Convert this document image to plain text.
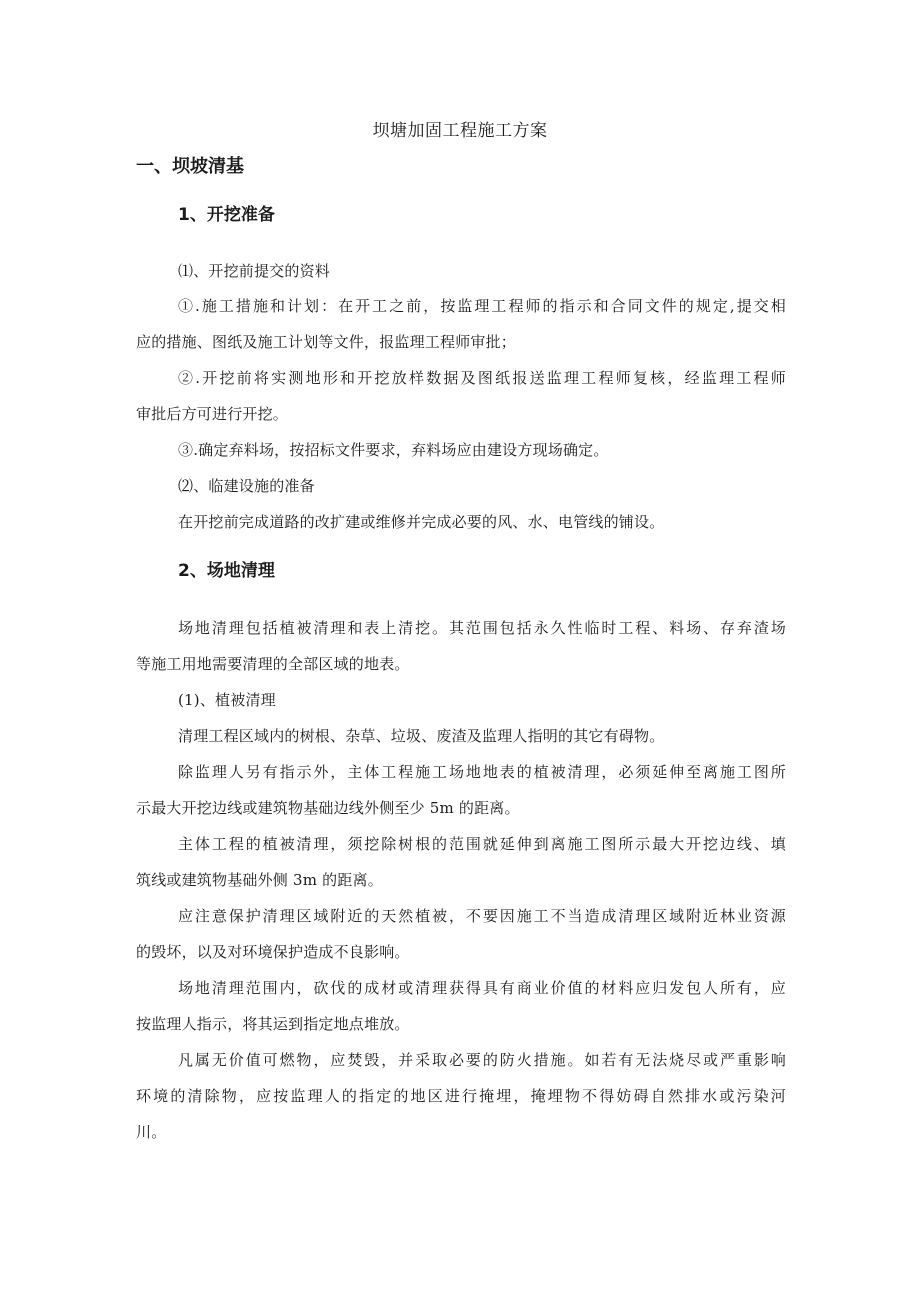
坝塘加固工程施工方案
一、坝坡清基
1、开挖准备
⑴、开挖前提交的资料
①.施工措施和计划：在开工之前，按监理工程师的指示和合同文件的规定,提交相
应的措施、图纸及施工计划等文件，报监理工程师审批；
②.开挖前将实测地形和开挖放样数据及图纸报送监理工程师复核，经监理工程师
审批后方可进行开挖。
③.确定弃料场，按招标文件要求，弃料场应由建设方现场确定。
⑵、临建设施的准备
在开挖前完成道路的改扩建或维修并完成必要的风、水、电管线的铺设。
2、场地清理
场地清理包括植被清理和表上清挖。其范围包括永久性临时工程、料场、存弃渣场
等施工用地需要清理的全部区域的地表。
(1)、植被清理
清理工程区域内的树根、杂草、垃圾、废渣及监理人指明的其它有碍物。
除监理人另有指示外，主体工程施工场地地表的植被清理，必须延伸至离施工图所
示最大开挖边线或建筑物基础边线外侧至少 5m 的距离。
主体工程的植被清理，须挖除树根的范围就延伸到离施工图所示最大开挖边线、填
筑线或建筑物基础外侧 3m 的距离。
应注意保护清理区域附近的天然植被，不要因施工不当造成清理区域附近林业资源
的毁坏，以及对环境保护造成不良影响。
场地清理范围内，砍伐的成材或清理获得具有商业价值的材料应归发包人所有，应
按监理人指示，将其运到指定地点堆放。
凡属无价值可燃物，应焚毁，并采取必要的防火措施。如若有无法烧尽或严重影响
环境的清除物，应按监理人的指定的地区进行掩埋，掩埋物不得妨碍自然排水或污染河
川。
